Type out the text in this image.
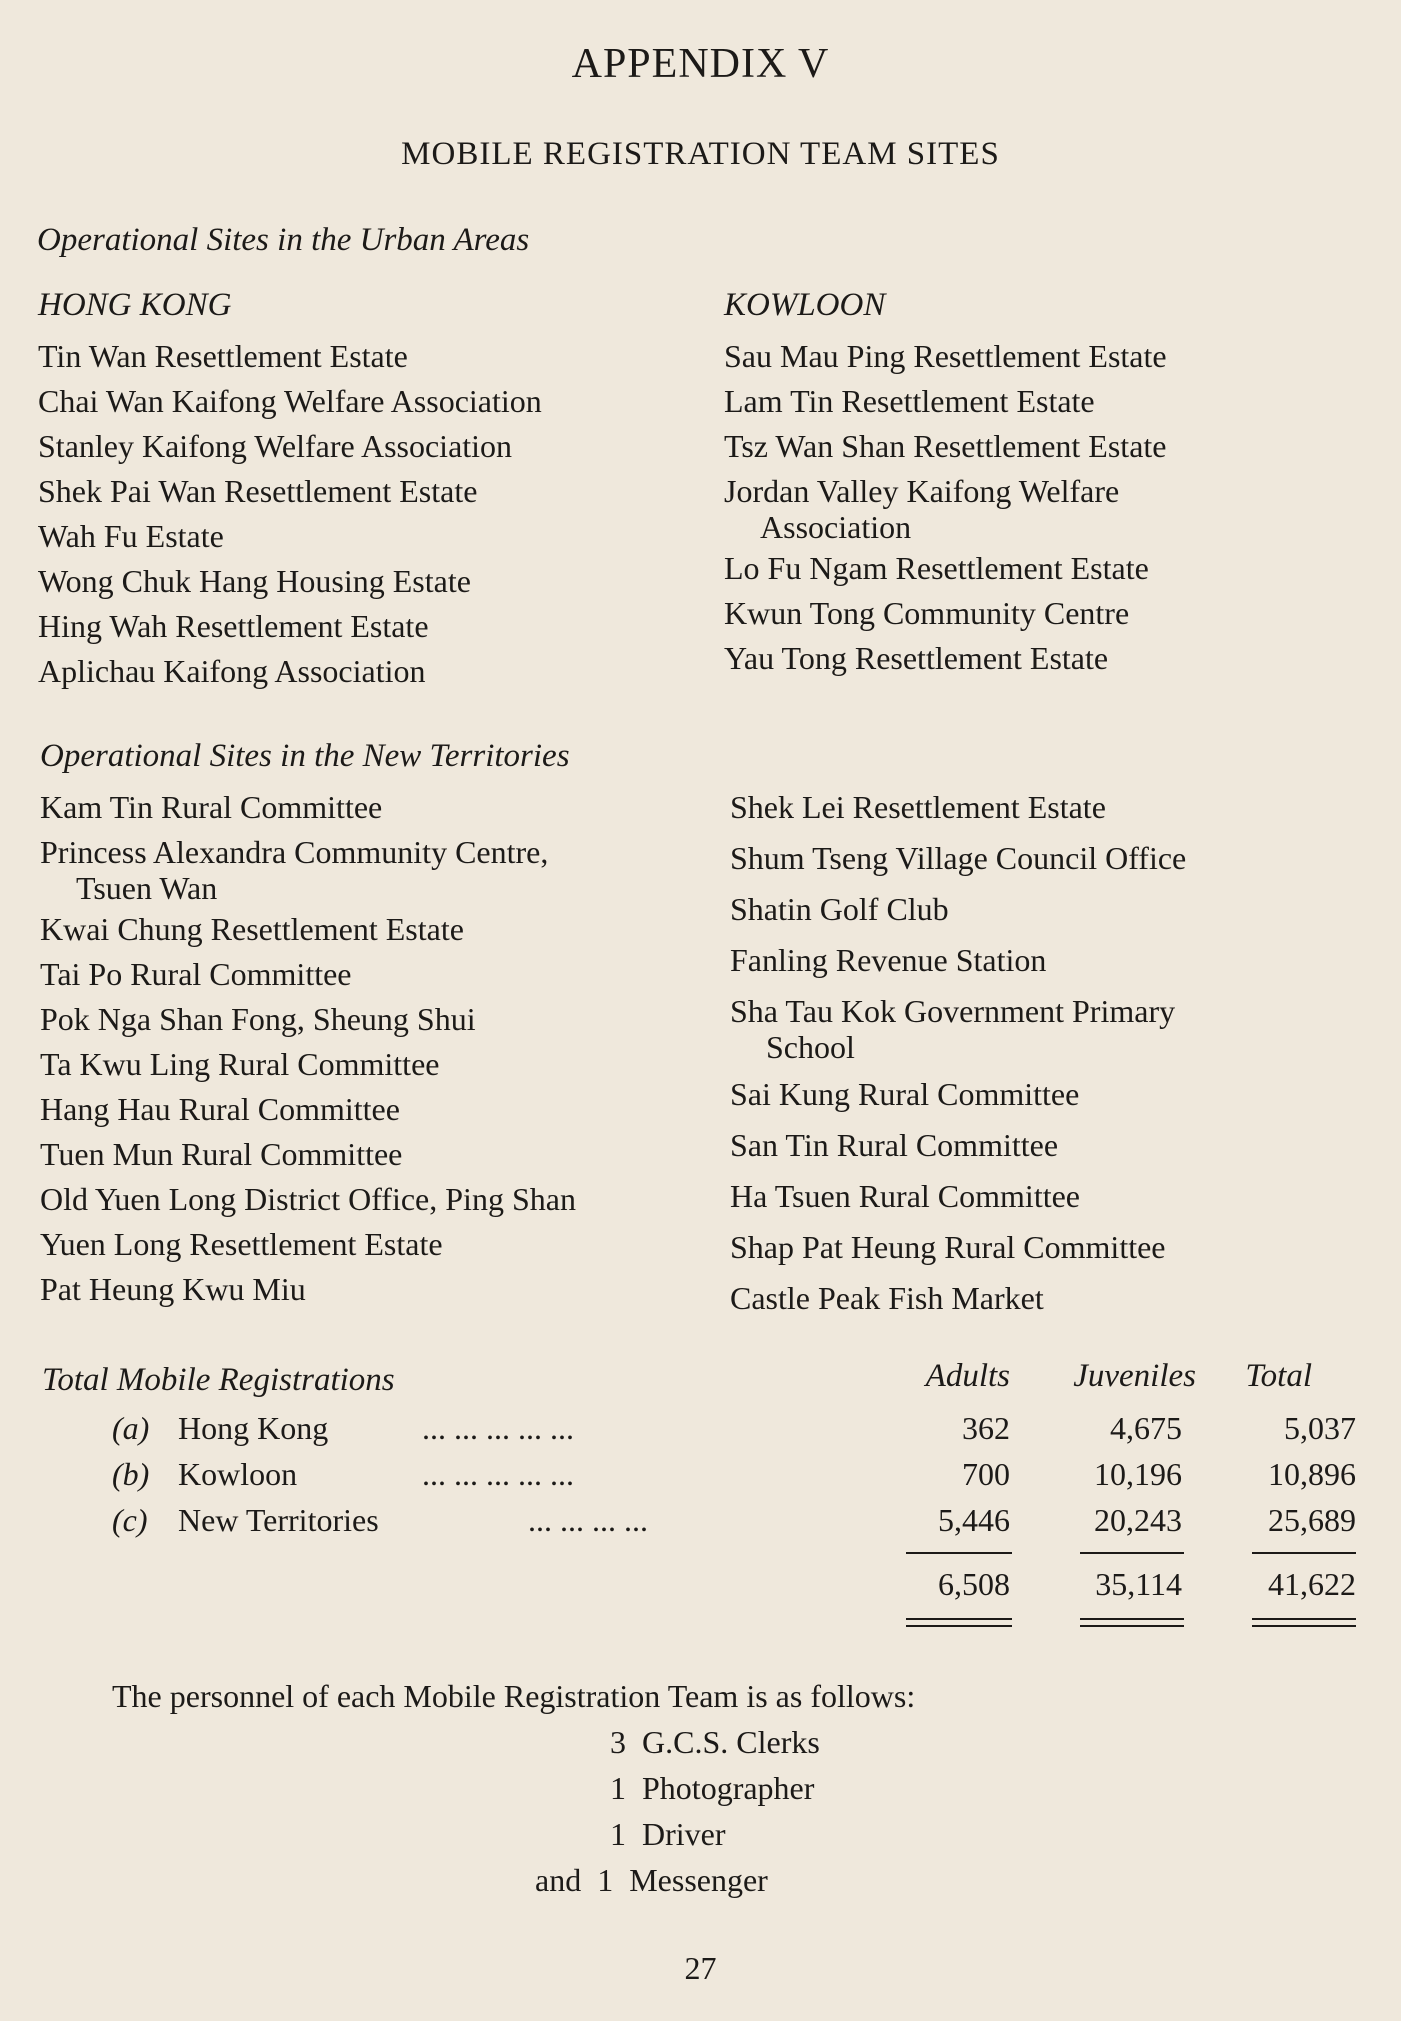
APPENDIX V
MOBILE REGISTRATION TEAM SITES
Operational Sites in the Urban Areas
HONG KONG
Tin Wan Resettlement Estate
Chai Wan Kaifong Welfare Association
Stanley Kaifong Welfare Association
Shek Pai Wan Resettlement Estate
Wah Fu Estate
Wong Chuk Hang Housing Estate
Hing Wah Resettlement Estate
Aplichau Kaifong Association
KOWLOON
Sau Mau Ping Resettlement Estate
Lam Tin Resettlement Estate
Tsz Wan Shan Resettlement Estate
Jordan Valley Kaifong Welfare
Association
Lo Fu Ngam Resettlement Estate
Kwun Tong Community Centre
Yau Tong Resettlement Estate
Operational Sites in the New Territories
Kam Tin Rural Committee
Princess Alexandra Community Centre,
Tsuen Wan
Kwai Chung Resettlement Estate
Tai Po Rural Committee
Pok Nga Shan Fong, Sheung Shui
Ta Kwu Ling Rural Committee
Hang Hau Rural Committee
Tuen Mun Rural Committee
Old Yuen Long District Office, Ping Shan
Yuen Long Resettlement Estate
Pat Heung Kwu Miu
Shek Lei Resettlement Estate
Shum Tseng Village Council Office
Shatin Golf Club
Fanling Revenue Station
Sha Tau Kok Government Primary
School
Sai Kung Rural Committee
San Tin Rural Committee
Ha Tsuen Rural Committee
Shap Pat Heung Rural Committee
Castle Peak Fish Market
Total Mobile Registrations	Adults	Juveniles	Total
(a) Hong Kong	... ... ... ... ...	362	4,675	5,037
(b) Kowloon	... ... ... ... ...	700	10,196	10,896
(c) New Territories	... ... ... ...	5,446	20,243	25,689
6,508	35,114	41,622
The personnel of each Mobile Registration Team is as follows:
3 G.C.S. Clerks
1 Photographer
1 Driver
and 1 Messenger
27
